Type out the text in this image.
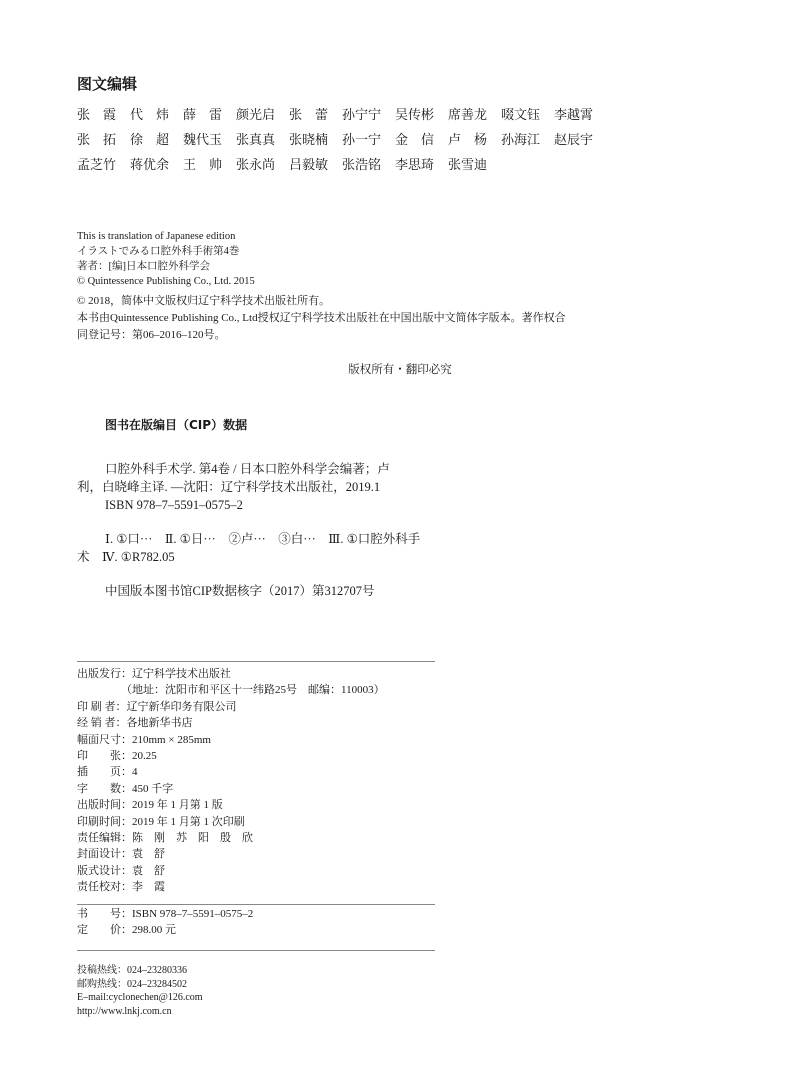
图文编辑
张　霞 代　炜 薛　雷 颜光启 张　蕾 孙宁宁 吴传彬 席善龙 啜文钰 李越霄
张　拓 徐　超 魏代玉 张真真 张晓楠 孙一宁 金　信 卢　杨 孙海江 赵辰宇
孟芝竹 蒋优余 王　帅 张永尚 吕毅敏 张浩铭 李思琦 张雪迪
This is translation of Japanese edition
イラストでみる口腔外科手術第4巻
著者：[编]日本口腔外科学会
© Quintessence Publishing Co., Ltd. 2015
© 2018，简体中文版权归辽宁科学技术出版社所有。
本书由Quintessence Publishing Co., Ltd授权辽宁科学技术出版社在中国出版中文简体字版本。著作权合
同登记号：第06–2016–120号。
版权所有・翻印必究
图书在版编目（CIP）数据
口腔外科手术学. 第4卷 / 日本口腔外科学会编著；卢
利，白晓峰主译. —沈阳：辽宁科学技术出版社，2019.1
ISBN 978–7–5591–0575–2
Ⅰ. ①口···　Ⅱ. ①日···　②卢···　③白···　Ⅲ. ①口腔外科手
术　Ⅳ. ①R782.05
中国版本图书馆CIP数据核字（2017）第312707号
出版发行：辽宁科学技术出版社
（地址：沈阳市和平区十一纬路25号　邮编：110003）
印 刷 者：辽宁新华印务有限公司
经 销 者：各地新华书店
幅面尺寸：210mm × 285mm
印　　张：20.25
插　　页：4
字　　数：450 千字
出版时间：2019 年 1 月第 1 版
印刷时间：2019 年 1 月第 1 次印刷
责任编辑：陈　刚　苏　阳　殷　欣
封面设计：袁　舒
版式设计：袁　舒
责任校对：李　霞
书　　号：ISBN 978–7–5591–0575–2
定　　价：298.00 元
投稿热线：024–23280336
邮购热线：024–23284502
E–mail:cyclonechen@126.com
http://www.lnkj.com.cn
